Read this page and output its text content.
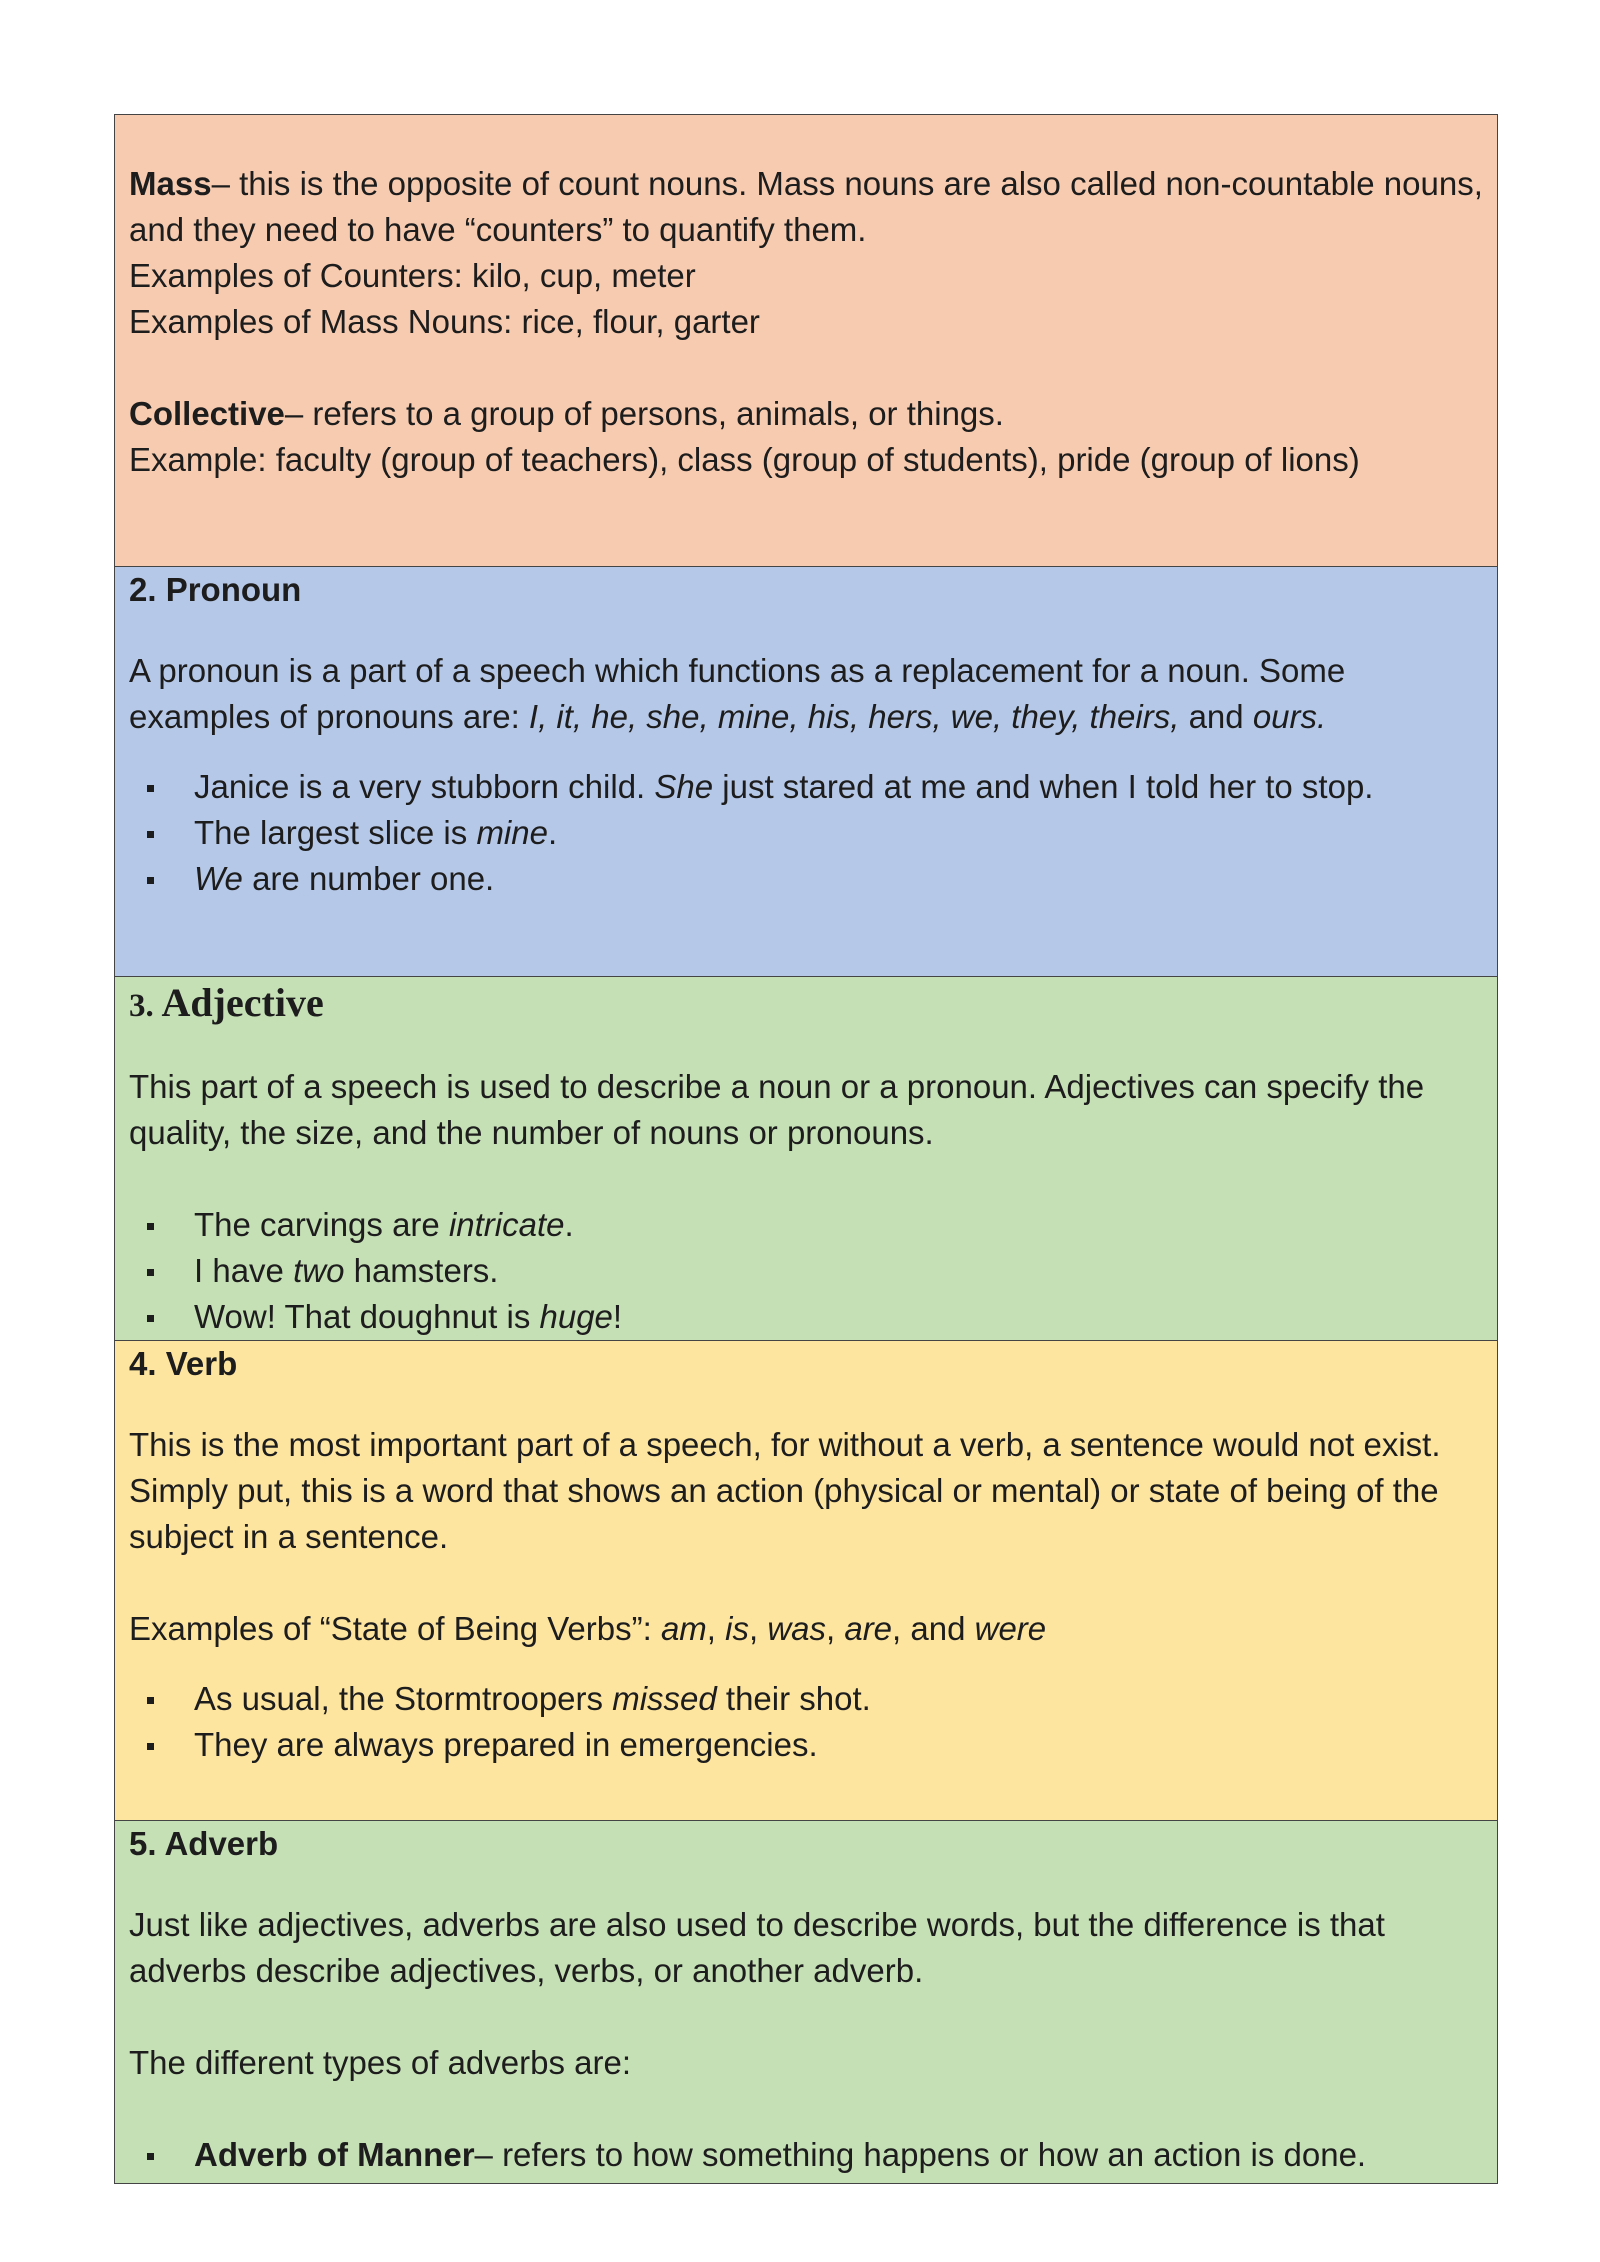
Mass– this is the opposite of count nouns. Mass nouns are also called non-countable nouns, and they need to have “counters” to quantify them.

Examples of Counters: kilo, cup, meter

Examples of Mass Nouns: rice, flour, garter

Collective– refers to a group of persons, animals, or things.

Example: faculty (group of teachers), class (group of students), pride (group of lions)

2. Pronoun

A pronoun is a part of a speech which functions as a replacement for a noun. Some examples of pronouns are: I, it, he, she, mine, his, hers, we, they, theirs, and ours.

Janice is a very stubborn child. She just stared at me and when I told her to stop.
The largest slice is mine.
We are number one.
3. Adjective

This part of a speech is used to describe a noun or a pronoun. Adjectives can specify the quality, the size, and the number of nouns or pronouns.

The carvings are intricate.
I have two hamsters.
Wow! That doughnut is huge!
4. Verb

This is the most important part of a speech, for without a verb, a sentence would not exist. Simply put, this is a word that shows an action (physical or mental) or state of being of the subject in a sentence.

Examples of “State of Being Verbs”: am, is, was, are, and were

As usual, the Stormtroopers missed their shot.
They are always prepared in emergencies.
5. Adverb

Just like adjectives, adverbs are also used to describe words, but the difference is that adverbs describe adjectives, verbs, or another adverb.

The different types of adverbs are:

Adverb of Manner– refers to how something happens or how an action is done.
